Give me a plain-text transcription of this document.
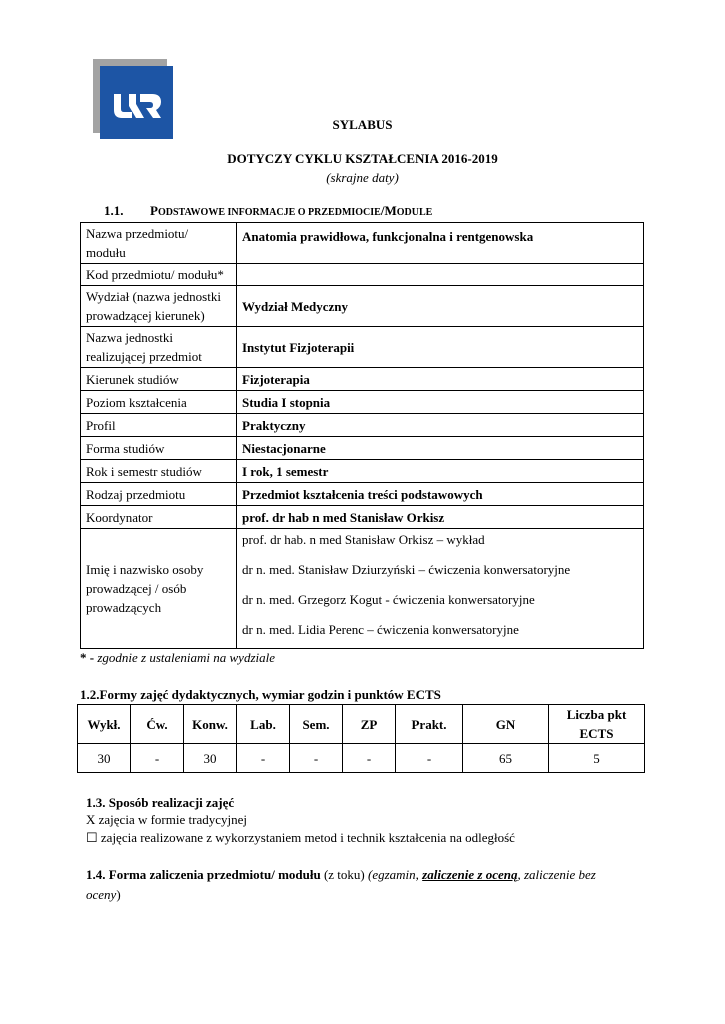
SYLABUS
DOTYCZY CYKLU KSZTAŁCENIA 2016-2019
(skrajne daty)
1.1. PODSTAWOWE INFORMACJE O PRZEDMIOCIE/MODULE
Nazwa przedmiotu/ modułu	Anatomia prawidłowa, funkcjonalna i rentgenowska
Kod przedmiotu/ modułu*	
Wydział (nazwa jednostki prowadzącej kierunek)	Wydział Medyczny
Nazwa jednostki realizującej przedmiot	Instytut Fizjoterapii
Kierunek studiów	Fizjoterapia
Poziom kształcenia	Studia I stopnia
Profil	Praktyczny
Forma studiów	Niestacjonarne
Rok i semestr studiów	I rok, 1 semestr
Rodzaj przedmiotu	Przedmiot kształcenia treści podstawowych
Koordynator	prof. dr hab n med Stanisław Orkisz
Imię i nazwisko osoby prowadzącej / osób prowadzących	prof. dr hab. n med Stanisław Orkisz – wykład
dr n. med. Stanisław Dziurzyński – ćwiczenia konwersatoryjne
dr n. med. Grzegorz Kogut - ćwiczenia konwersatoryjne
dr n. med. Lidia Perenc – ćwiczenia konwersatoryjne
* - zgodnie z ustaleniami na wydziale
1.2.Formy zajęć dydaktycznych, wymiar godzin i punktów ECTS
Wykł.	Ćw.	Konw.	Lab.	Sem.	ZP	Prakt.	GN	Liczba pkt ECTS
30	-	30	-	-	-	-	65	5
1.3. Sposób realizacji zajęć
X zajęcia w formie tradycyjnej
☐ zajęcia realizowane z wykorzystaniem metod i technik kształcenia na odległość
1.4. Forma zaliczenia przedmiotu/ modułu (z toku) (egzamin, zaliczenie z oceną, zaliczenie bez oceny)
